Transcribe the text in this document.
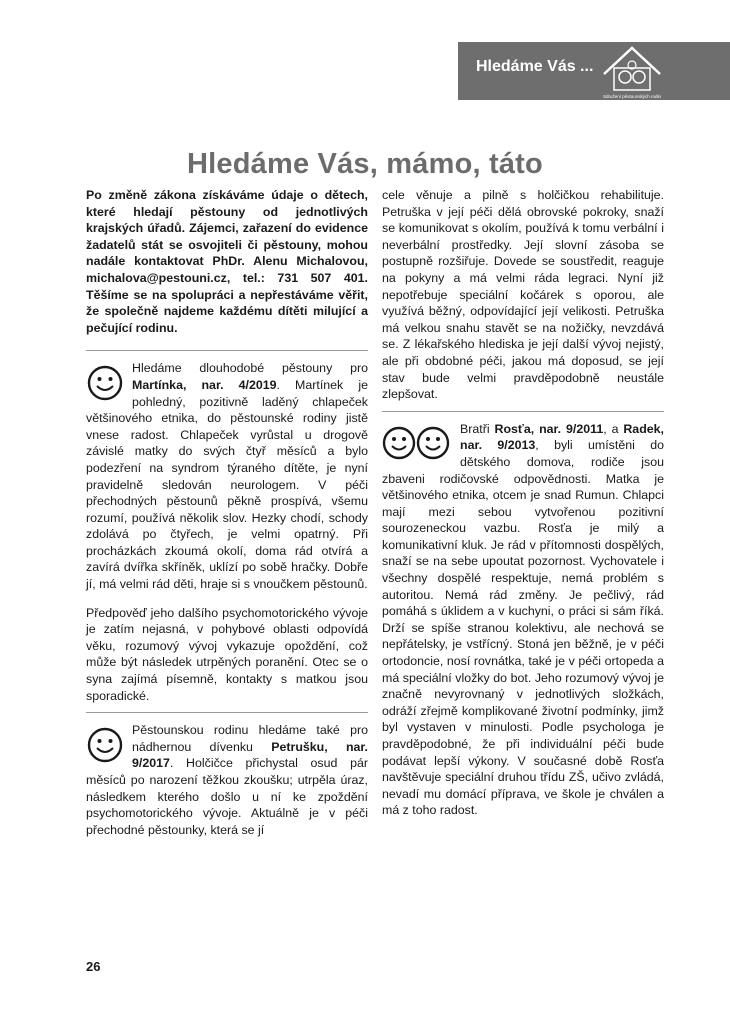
Hledáme Vás ...
Sdružení pěstounských rodin
Hledáme Vás, mámo, táto

Po změně zákona získáváme údaje o dětech, které hledají pěstouny od jednotlivých krajských úřadů. Zájemci, zařazení do evidence žadatelů stát se osvojiteli či pěstouny, mohou nadále kontaktovat PhDr. Alenu Michalovou, michalova@pestouni.cz, tel.: 731 507 401. Těšíme se na spolupráci a nepřestáváme věřit, že společně najdeme každému dítěti milující a pečující rodinu.

Hledáme dlouhodobé pěstouny pro Martínka, nar. 4/2019. Martínek je pohledný, pozitivně laděný chlapeček většinového etnika, do pěstounské rodiny jistě vnese radost. Chlapeček vyrůstal u drogově závislé matky do svých čtyř měsíců a bylo podezření na syndrom týraného dítěte, je nyní pravidelně sledován neurologem. V péči přechodných pěstounů pěkně prospívá, všemu rozumí, používá několik slov. Hezky chodí, schody zdolává po čtyřech, je velmi opatrný. Při procházkách zkoumá okolí, doma rád otvírá a zavírá dvířka skříněk, uklízí po sobě hračky. Dobře jí, má velmi rád děti, hraje si s vnoučkem pěstounů.

Předpověď jeho dalšího psychomotorického vývoje je zatím nejasná, v pohybové oblasti odpovídá věku, rozumový vývoj vykazuje opoždění, což může být následek utrpěných poranění. Otec se o syna zajímá písemně, kontakty s matkou jsou sporadické.

Pěstounskou rodinu hledáme také pro nádhernou dívenku Petrušku, nar. 9/2017. Holčičce přichystal osud pár měsíců po narození těžkou zkoušku; utrpěla úraz, následkem kterého došlo u ní ke zpoždění psychomotorického vývoje. Aktuálně je v péči přechodné pěstounky, která se jí

cele věnuje a pilně s holčičkou rehabilituje. Petruška v její péči dělá obrovské pokroky, snaží se komunikovat s okolím, používá k tomu verbální i neverbální prostředky. Její slovní zásoba se postupně rozšiřuje. Dovede se soustředit, reaguje na pokyny a má velmi ráda legraci. Nyní již nepotřebuje speciální kočárek s oporou, ale využívá běžný, odpovídající její velikosti. Petruška má velkou snahu stavět se na nožičky, nevzdává se. Z lékařského hlediska je její další vývoj nejistý, ale při obdobné péči, jakou má doposud, se její stav bude velmi pravděpodobně neustále zlepšovat.

Bratři Rosťa, nar. 9/2011, a Radek, nar. 9/2013, byli umístěni do dětského domova, rodiče jsou zbaveni rodičovské odpovědnosti. Matka je většinového etnika, otcem je snad Rumun. Chlapci mají mezi sebou vytvořenou pozitivní sourozeneckou vazbu. Rosťa je milý a komunikativní kluk. Je rád v přítomnosti dospělých, snaží se na sebe upoutat pozornost. Vychovatele i všechny dospělé respektuje, nemá problém s autoritou. Nemá rád změny. Je pečlivý, rád pomáhá s úklidem a v kuchyni, o práci si sám říká. Drží se spíše stranou kolektivu, ale nechová se nepřátelsky, je vstřícný. Stoná jen běžně, je v péči ortodoncie, nosí rovnátka, také je v péči ortopeda a má speciální vložky do bot. Jeho rozumový vývoj je značně nevyrovnaný v jednotlivých složkách, odráží zřejmě komplikované životní podmínky, jimž byl vystaven v minulosti. Podle psychologa je pravděpodobné, že při individuální péči bude podávat lepší výkony. V současné době Rosťa navštěvuje speciální druhou třídu ZŠ, učivo zvládá, nevadí mu domácí příprava, ve škole je chválen a má z toho radost.

26
